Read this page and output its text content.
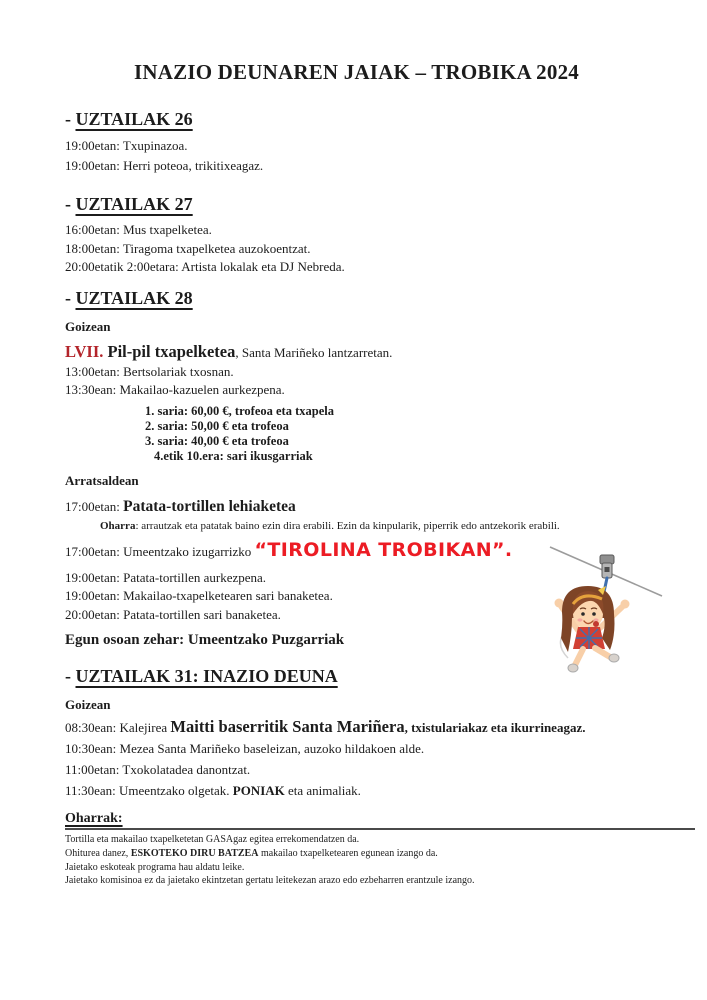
INAZIO DEUNAREN JAIAK – TROBIKA 2024
- UZTAILAK 26
19:00etan: Txupinazoa.
19:00etan: Herri poteoa, trikitixeagaz.
- UZTAILAK 27
16:00etan: Mus txapelketea.
18:00etan: Tiragoma txapelketea auzokoentzat.
20:00etatik 2:00etara: Artista lokalak eta DJ Nebreda.
- UZTAILAK 28
Goizean
LVII. Pil-pil txapelketea, Santa Mariñeko lantzarretan.
13:00etan: Bertsolariak txosnan.
13:30ean: Makailao-kazuelen aurkezpena.
1. saria: 60,00 €, trofeoa eta txapela
2. saria: 50,00 € eta trofeoa
3. saria: 40,00 € eta trofeoa
4.etik 10.era: sari ikusgarriak
Arratsaldean
17:00etan: Patata-tortillen lehiaketea
Oharra: arrautzak eta patatak baino ezin dira erabili. Ezin da kinpularik, piperrik edo antzekorik erabili.
17:00etan: Umeentzako izugarrizko “TIROLINA TROBIKAN”.
19:00etan: Patata-tortillen aurkezpena.
19:00etan: Makailao-txapelketearen sari banaketea.
20:00etan: Patata-tortillen sari banaketea.
Egun osoan zehar: Umeentzako Puzgarriak
- UZTAILAK 31: INAZIO DEUNA
Goizean
08:30ean: Kalejirea Maitti baserritik Santa Mariñera, txistulariakaz eta ikurrineagaz.
10:30ean: Mezea Santa Mariñeko baseleizan, auzoko hildakoen alde.
11:00etan: Txokolatadea danontzat.
11:30ean: Umeentzako olgetak. PONIAK eta animaliak.
Oharrak:
Tortilla eta makailao txapelketetan GASAgaz egitea errekomendatzen da.
Ohiturea danez, ESKOTEKO DIRU BATZEA makailao txapelketearen egunean izango da.
Jaietako eskoteak programa hau aldatu leike.
Jaietako komisinoa ez da jaietako ekintzetan gertatu leitekezan arazo edo ezbeharren erantzule izango.
